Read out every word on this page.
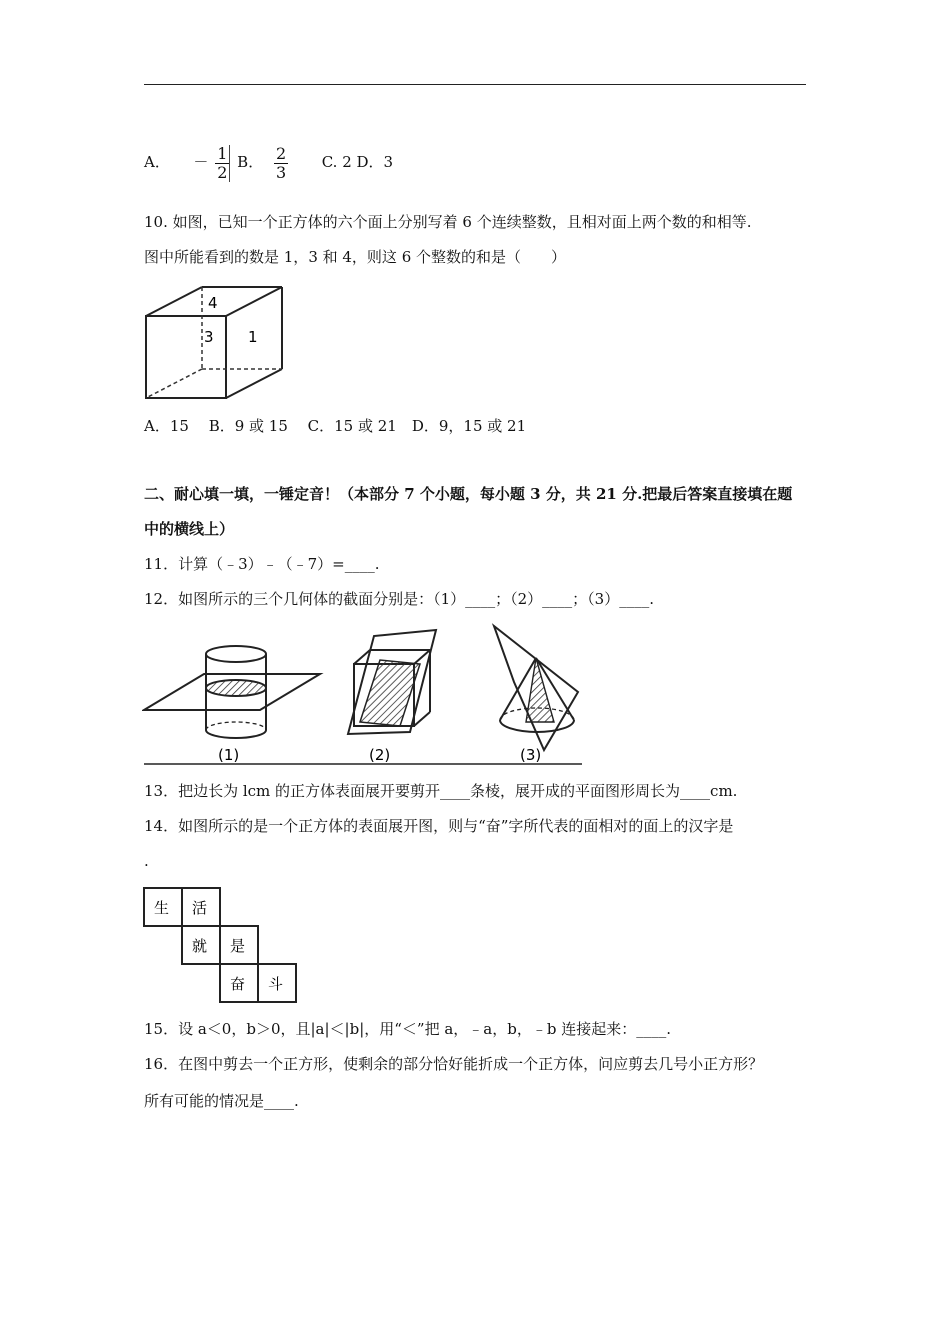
A． － $\frac{1}{2}$ B． $\frac{2}{3} C$. 2 D．3
10. 如图，已知一个正方体的六个面上分别写着 6 个连续整数，且相对面上两个数的和相等.
图中所能看到的数是 1，3 和 4，则这 6 个整数的和是（　　）
4
3 1
A．15　 B．9 或 15　 C．15 或 21　D．9，15 或 21
二、耐心填一填，一锤定音！（本部分 7 个小题，每小题 3 分，共 21 分.把最后答案直接填在题
中的横线上）
11．计算（﹣3）﹣（﹣7）=____.
12．如图所示的三个几何体的截面分别是：（1）____；（2）____；（3）____.
(1)	(2)	(3)
13．把边长为 lcm 的正方体表面展开要剪开____条棱，展开成的平面图形周长为____cm.
14．如图所示的是一个正方体的表面展开图，则与“奋”字所代表的面相对的面上的汉字是
.
生 活
就 是
奋 斗
15．设 a＜0，b＞0，且|a|＜|b|，用“＜”把 a，﹣a，b，﹣b 连接起来：____.
16．在图中剪去一个正方形，使剩余的部分恰好能折成一个正方体，问应剪去几号小正方形？
所有可能的情况是____.
